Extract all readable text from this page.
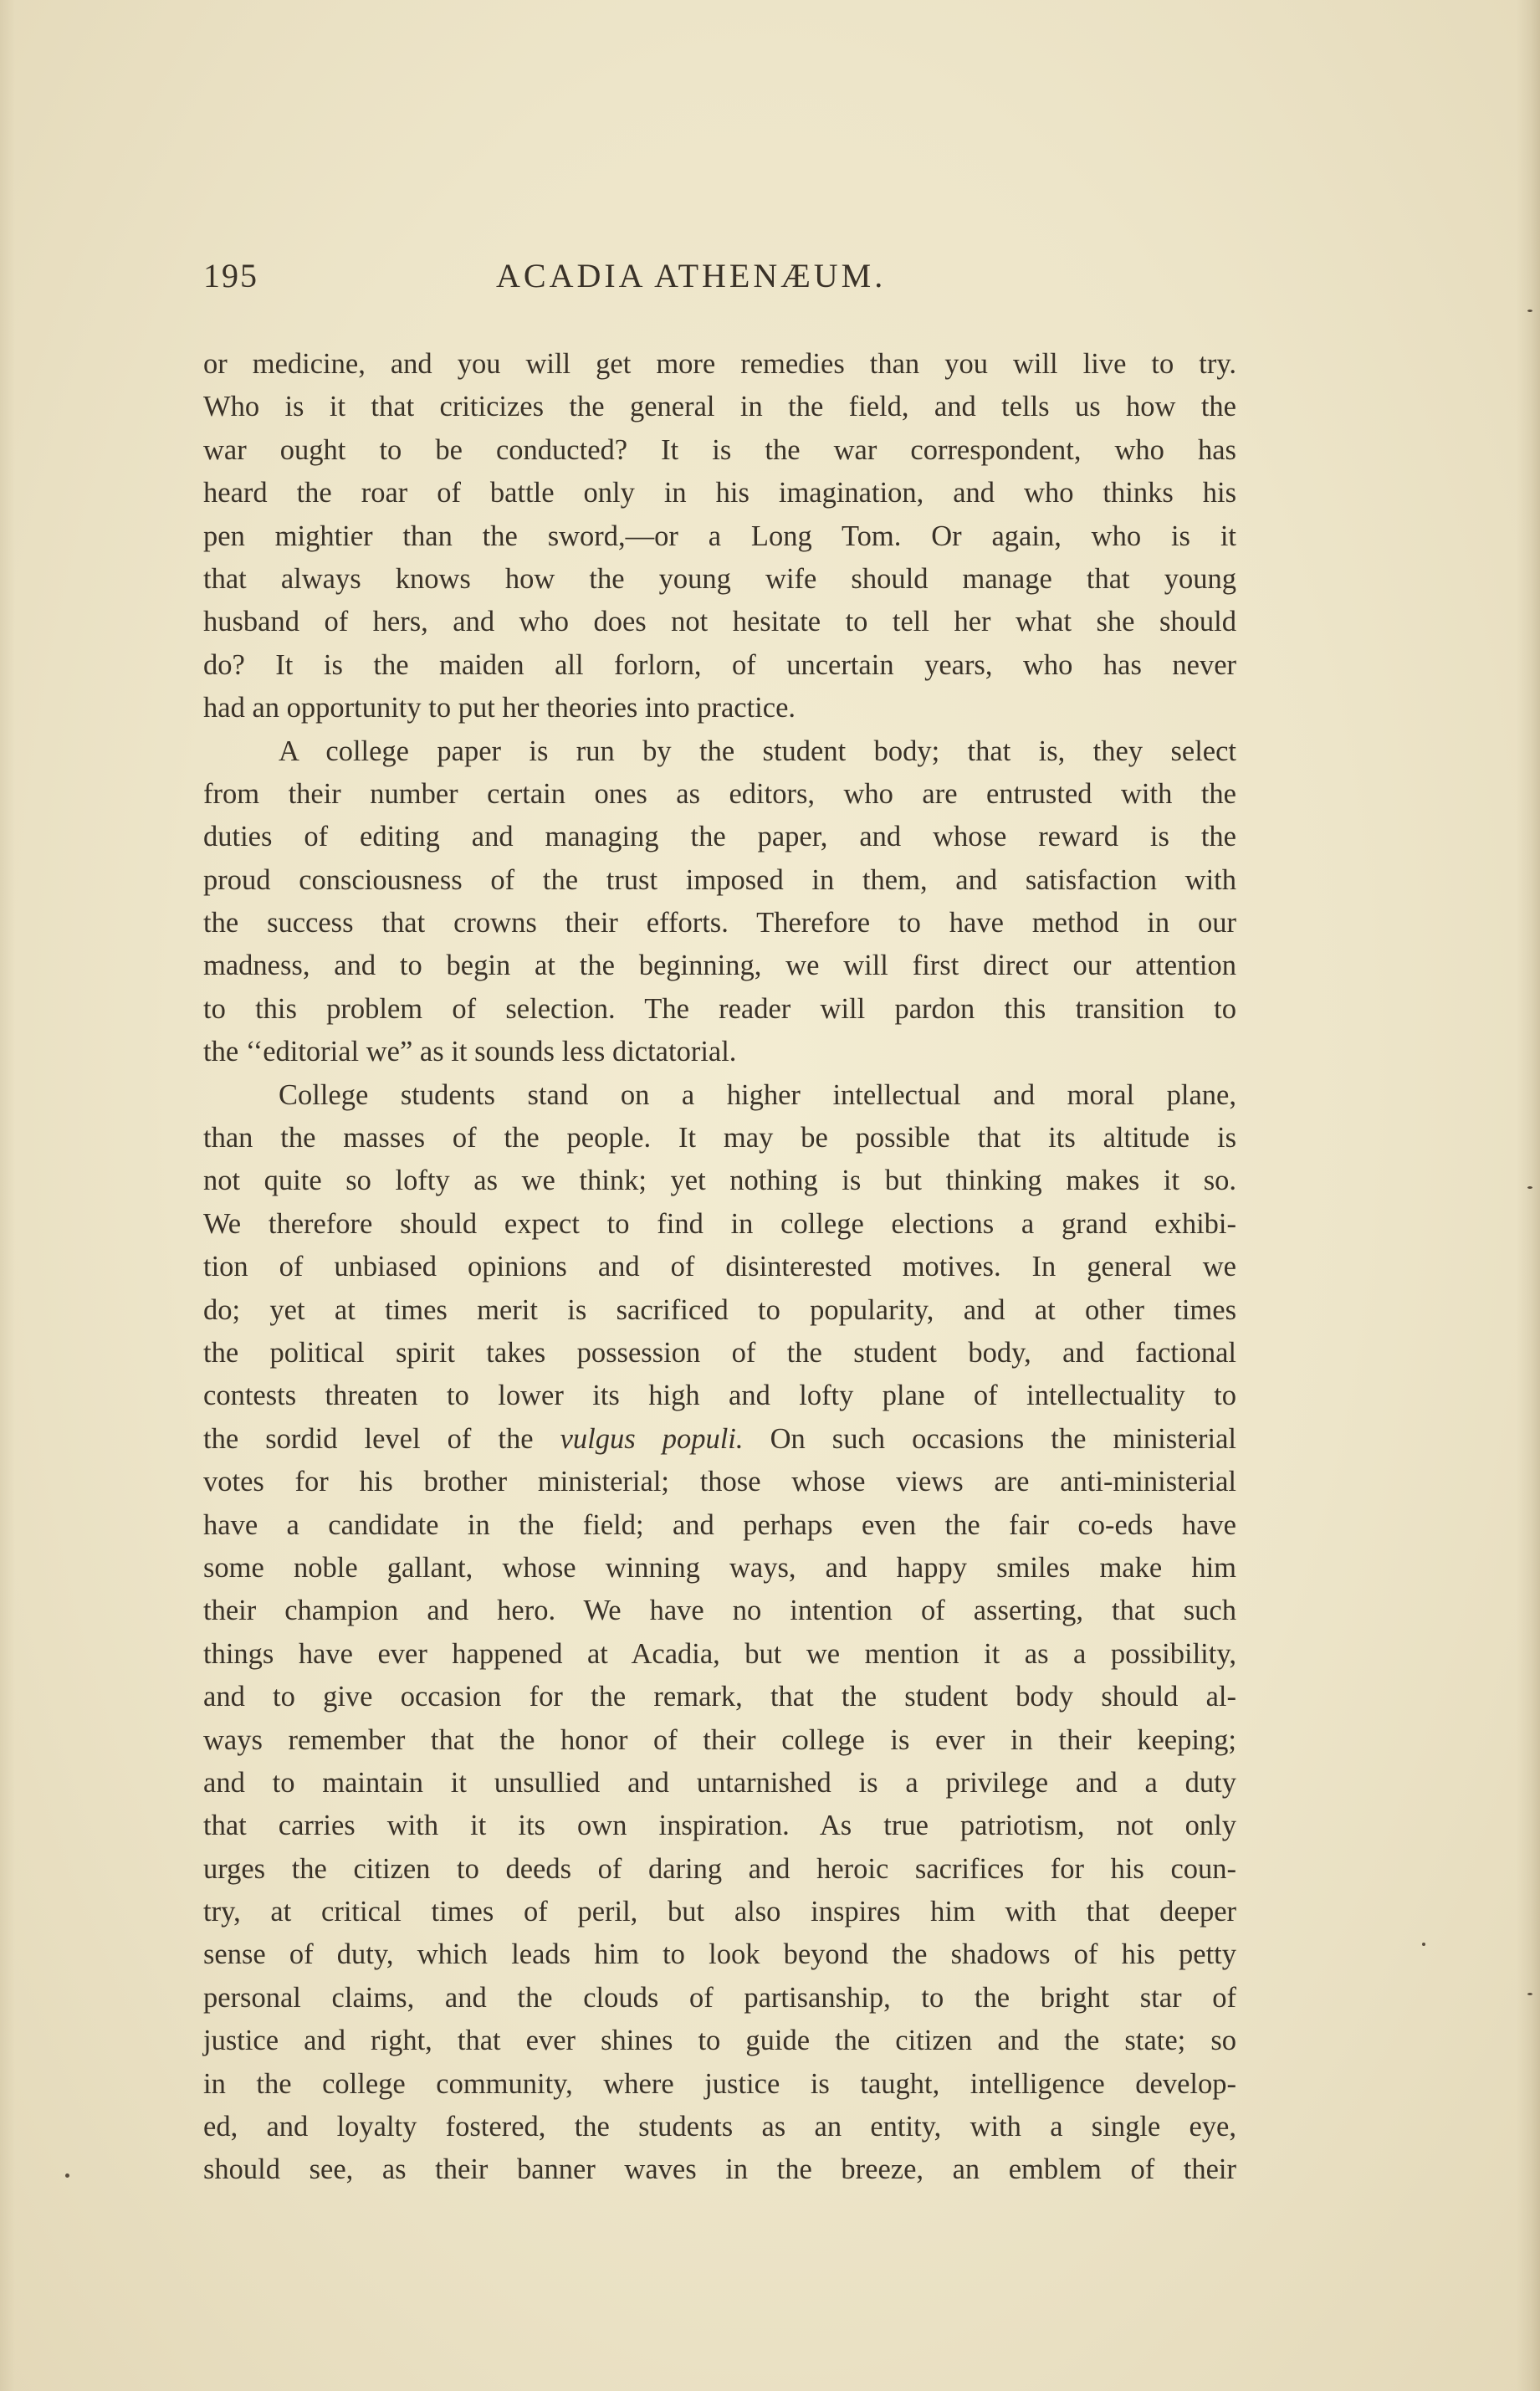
195	ACADIA ATHENÆUM.
or medicine, and you will get more remedies than you will live to try.
Who is it that criticizes the general in the field, and tells us how the
war ought to be conducted? It is the war correspondent, who has
heard the roar of battle only in his imagination, and who thinks his
pen mightier than the sword,—or a Long Tom. Or again, who is it
that always knows how the young wife should manage that young
husband of hers, and who does not hesitate to tell her what she should
do? It is the maiden all forlorn, of uncertain years, who has never
had an opportunity to put her theories into practice.
A college paper is run by the student body; that is, they select
from their number certain ones as editors, who are entrusted with the
duties of editing and managing the paper, and whose reward is the
proud consciousness of the trust imposed in them, and satisfaction with
the success that crowns their efforts. Therefore to have method in our
madness, and to begin at the beginning, we will first direct our attention
to this problem of selection. The reader will pardon this transition to
the ‘‘editorial we” as it sounds less dictatorial.
College students stand on a higher intellectual and moral plane,
than the masses of the people. It may be possible that its altitude is
not quite so lofty as we think; yet nothing is but thinking makes it so.
We therefore should expect to find in college elections a grand exhibi-
tion of unbiased opinions and of disinterested motives. In general we
do; yet at times merit is sacrificed to popularity, and at other times
the political spirit takes possession of the student body, and factional
contests threaten to lower its high and lofty plane of intellectuality to
the sordid level of the vulgus populi. On such occasions the ministerial
votes for his brother ministerial; those whose views are anti-ministerial
have a candidate in the field; and perhaps even the fair co-eds have
some noble gallant, whose winning ways, and happy smiles make him
their champion and hero. We have no intention of asserting, that such
things have ever happened at Acadia, but we mention it as a possibility,
and to give occasion for the remark, that the student body should al-
ways remember that the honor of their college is ever in their keeping;
and to maintain it unsullied and untarnished is a privilege and a duty
that carries with it its own inspiration. As true patriotism, not only
urges the citizen to deeds of daring and heroic sacrifices for his coun-
try, at critical times of peril, but also inspires him with that deeper
sense of duty, which leads him to look beyond the shadows of his petty
personal claims, and the clouds of partisanship, to the bright star of
justice and right, that ever shines to guide the citizen and the state; so
in the college community, where justice is taught, intelligence develop-
ed, and loyalty fostered, the students as an entity, with a single eye,
should see, as their banner waves in the breeze, an emblem of their
